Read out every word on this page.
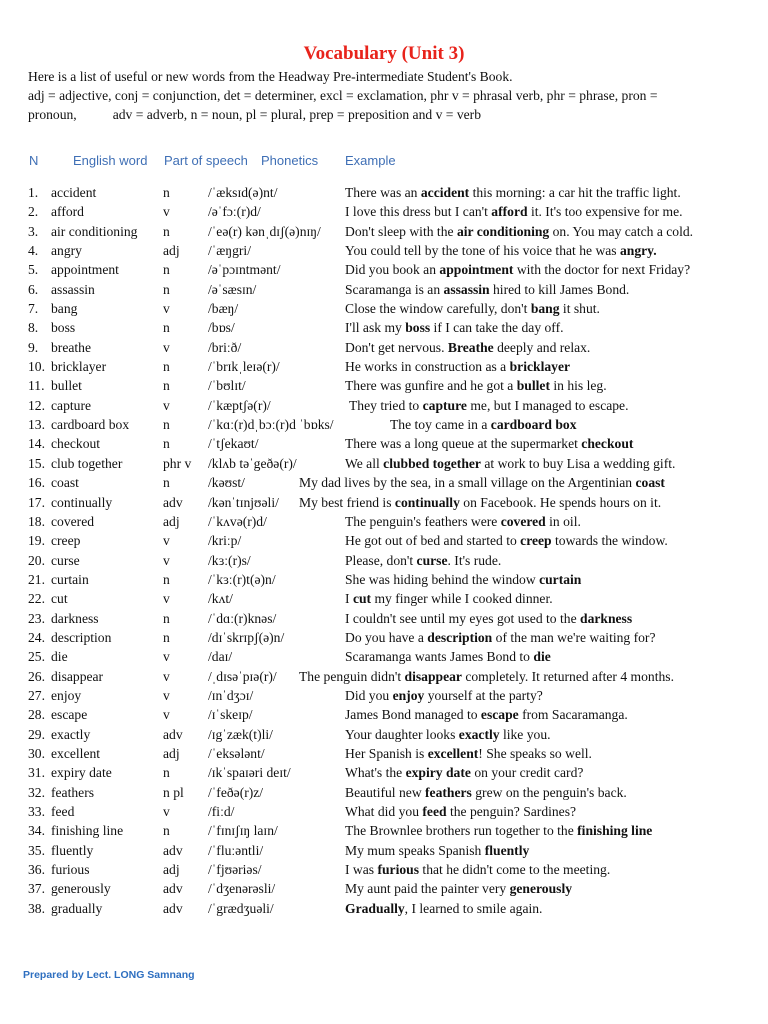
Vocabulary (Unit 3)

Here is a list of useful or new words from the Headway Pre-intermediate Student's Book.

adj = adjective, conj = conjunction, det = determiner, excl = exclamation, phr v = phrasal verb, phr = phrase, pron =

pronoun,	adv = adverb, n = noun, pl = plural, prep = preposition and v = verb

N	English word Part of speech Phonetics Example
1. accident	n	/ˈæksɪd(ə)nt/	There was an accident this morning: a car hit the traffic light.
2. afford	v	/əˈfɔː(r)d/	I love this dress but I can't afford it. It's too expensive for me.
3. air conditioning n	/ˈeə(r) kənˌdɪʃ(ə)nɪŋ/ Don't sleep with the air conditioning on. You may catch a cold.
4. angry	adj /ˈæŋgri/	You could tell by the tone of his voice that he was angry.
5. appointment	n	/əˈpɔɪntmənt/	Did you book an appointment with the doctor for next Friday?
6. assassin	n	/əˈsæsɪn/	Scaramanga is an assassin hired to kill James Bond.
7. bang	v	/bæŋ/	Close the window carefully, don't bang it shut.
8. boss	n	/bɒs/	I'll ask my boss if I can take the day off.
9. breathe	v	/briːð/	Don't get nervous. Breathe deeply and relax.
10. bricklayer	n	/ˈbrɪkˌleɪə(r)/	He works in construction as a bricklayer
11. bullet	n	/ˈbʊlɪt/	There was gunfire and he got a bullet in his leg.
12. capture	v	/ˈkæptʃə(r)/	They tried to capture me, but I managed to escape.
13. cardboard box n	/ˈkɑː(r)dˌbɔː(r)d ˈbɒks/	The toy came in a cardboard box
14. checkout	n	/ˈtʃekaʊt/	There was a long queue at the supermarket checkout
15. club together	phr v /klʌb təˈgeðə(r)/	We all clubbed together at work to buy Lisa a wedding gift.
16. coast	n	/kəʊst/	My dad lives by the sea, in a small village on the Argentinian coast
17. continually	adv /kənˈtɪnjʊəli/ My best friend is continually on Facebook. He spends hours on it.
18. covered	adj /ˈkʌvə(r)d/	The penguin's feathers were covered in oil.
19. creep	v	/kriːp/	He got out of bed and started to creep towards the window.
20. curse	v	/kɜː(r)s/	Please, don't curse. It's rude.
21. curtain	n	/ˈkɜː(r)t(ə)n/	She was hiding behind the window curtain
22. cut	v	/kʌt/	I cut my finger while I cooked dinner.
23. darkness	n	/ˈdɑː(r)knəs/	I couldn't see until my eyes got used to the darkness
24. description	n	/dɪˈskrɪpʃ(ə)n/	Do you have a description of the man we're waiting for?
25. die	v	/daɪ/	Scaramanga wants James Bond to die
26. disappear	v	/ˌdɪsəˈpɪə(r)/ The penguin didn't disappear completely. It returned after 4 months.
27. enjoy	v	/ɪnˈdʒɔɪ/	Did you enjoy yourself at the party?
28. escape	v	/ɪˈskeɪp/	James Bond managed to escape from Sacaramanga.
29. exactly	adv /ɪgˈzæk(t)li/	Your daughter looks exactly like you.
30. excellent	adj /ˈeksələnt/	Her Spanish is excellent! She speaks so well.
31. expiry date	n	/ɪkˈspaɪəri deɪt/	What's the expiry date on your credit card?
32. feathers	n pl /ˈfeðə(r)z/	Beautiful new feathers grew on the penguin's back.
33. feed	v	/fiːd/	What did you feed the penguin? Sardines?
34. finishing line	n	/ˈfɪnɪʃɪŋ laɪn/	The Brownlee brothers run together to the finishing line
35. fluently	adv /ˈfluːəntli/	My mum speaks Spanish fluently
36. furious	adj /ˈfjʊəriəs/	I was furious that he didn't come to the meeting.
37. generously	adv /ˈdʒenərəsli/	My aunt paid the painter very generously
38. gradually	adv /ˈgrædʒuəli/	Gradually, I learned to smile again.
Prepared by Lect. LONG Samnang
